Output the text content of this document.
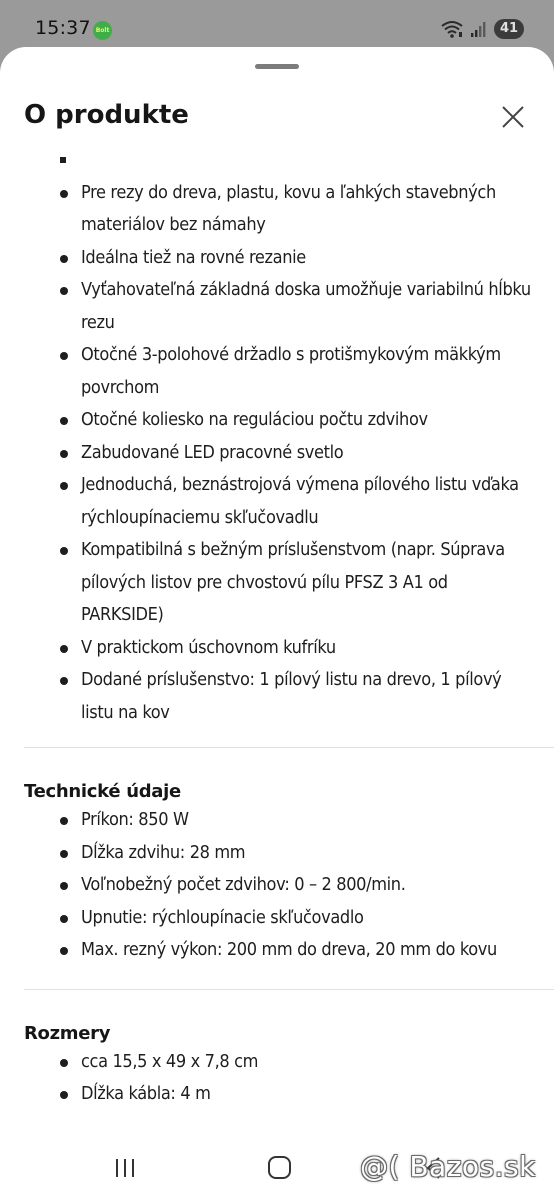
15:37 Bolt	41
O produkte
Pre rezy do dreva, plastu, kovu a ľahkých stavebných materiálov bez námahy
Ideálna tiež na rovné rezanie
Vyťahovateľná základná doska umožňuje variabilnú hĺbku rezu
Otočné 3-polohové držadlo s protišmykovým mäkkým povrchom
Otočné koliesko na reguláciou počtu zdvihov
Zabudované LED pracovné svetlo
Jednoduchá, beznástrojová výmena pílového listu vďaka rýchloupínaciemu skľučovadlu
Kompatibilná s bežným príslušenstvom (napr. Súprava pílových listov pre chvostovú pílu PFSZ 3 A1 od PARKSIDE)
V praktickom úschovnom kufríku
Dodané príslušenstvo: 1 pílový listu na drevo, 1 pílový listu na kov
Technické údaje
Príkon: 850 W
Dĺžka zdvihu: 28 mm
Voľnobežný počet zdvihov: 0 – 2 800/min.
Upnutie: rýchloupínacie skľučovadlo
Max. rezný výkon: 200 mm do dreva, 20 mm do kovu
Rozmery
cca 15,5 x 49 x 7,8 cm
Dĺžka kábla: 4 m
@( Bazos.sk
